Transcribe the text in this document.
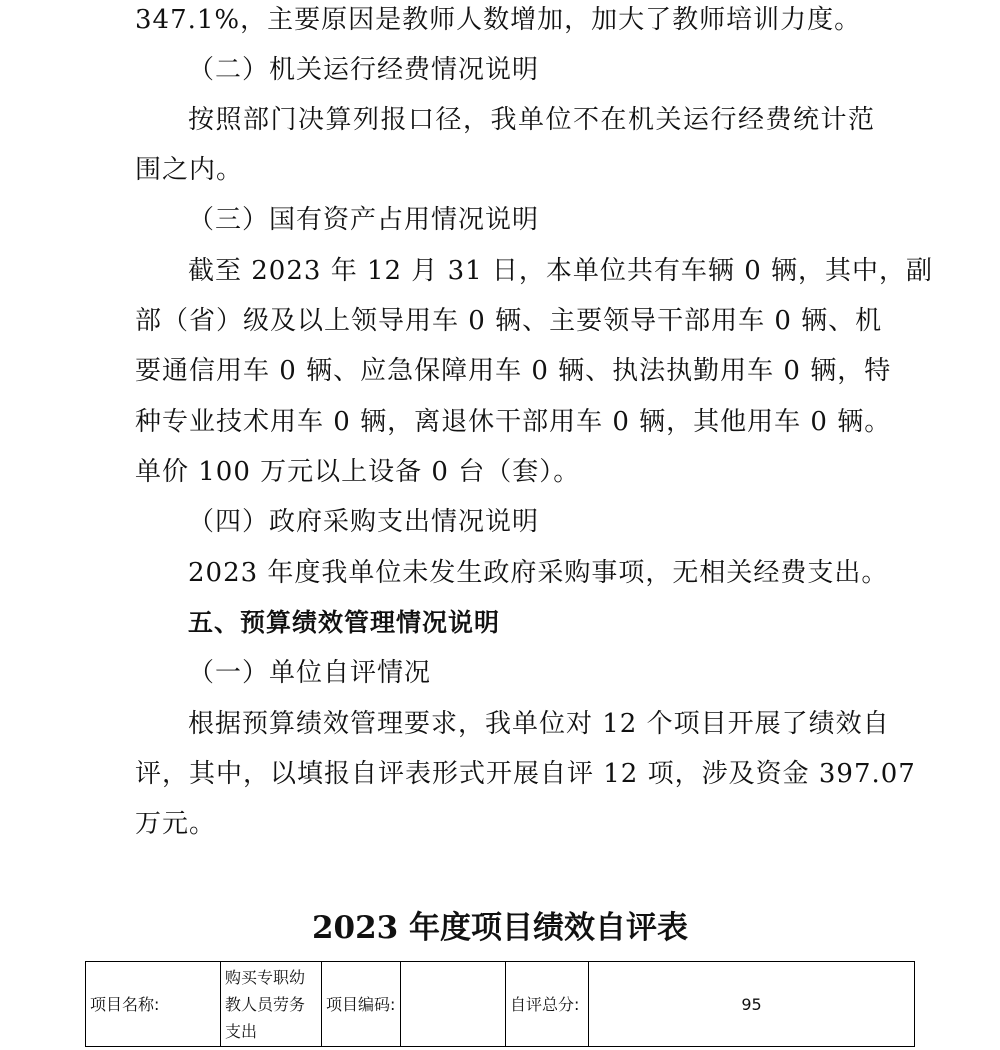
347.1%，主要原因是教师人数增加，加大了教师培训力度。
（二）机关运行经费情况说明
按照部门决算列报口径，我单位不在机关运行经费统计范
围之内。
（三）国有资产占用情况说明
截至 2023 年 12 月 31 日，本单位共有车辆 0 辆，其中，副
部（省）级及以上领导用车 0 辆、主要领导干部用车 0 辆、机
要通信用车 0 辆、应急保障用车 0 辆、执法执勤用车 0 辆，特
种专业技术用车 0 辆，离退休干部用车 0 辆，其他用车 0 辆。
单价 100 万元以上设备 0 台（套）。
（四）政府采购支出情况说明
2023 年度我单位未发生政府采购事项，无相关经费支出。
五、预算绩效管理情况说明
（一）单位自评情况
根据预算绩效管理要求，我单位对 12 个项目开展了绩效自
评，其中，以填报自评表形式开展自评 12 项，涉及资金 397.07
万元。
2023 年度项目绩效自评表
项目名称:	购买专职幼教人员劳务支出	项目编码:		自评总分:	95
